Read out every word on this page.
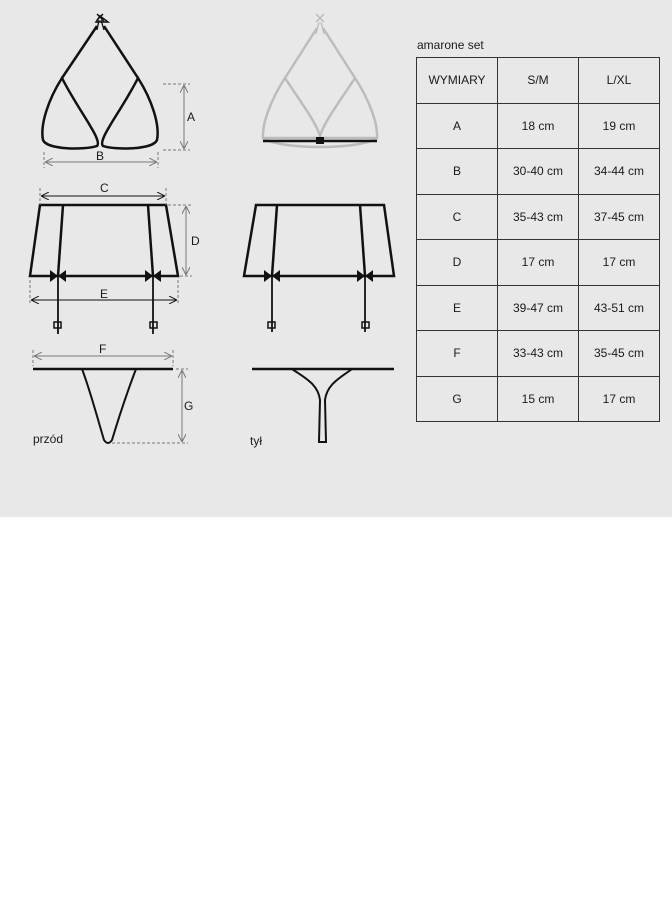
A
B
C
D
E
F
G
przód	tył
amarone set
WYMIARY	S/M	L/XL
A	18 cm	19 cm
B	30-40 cm	34-44 cm
C	35-43 cm	37-45 cm
D	17 cm	17 cm
E	39-47 cm	43-51 cm
F	33-43 cm	35-45 cm
G	15 cm	17 cm
